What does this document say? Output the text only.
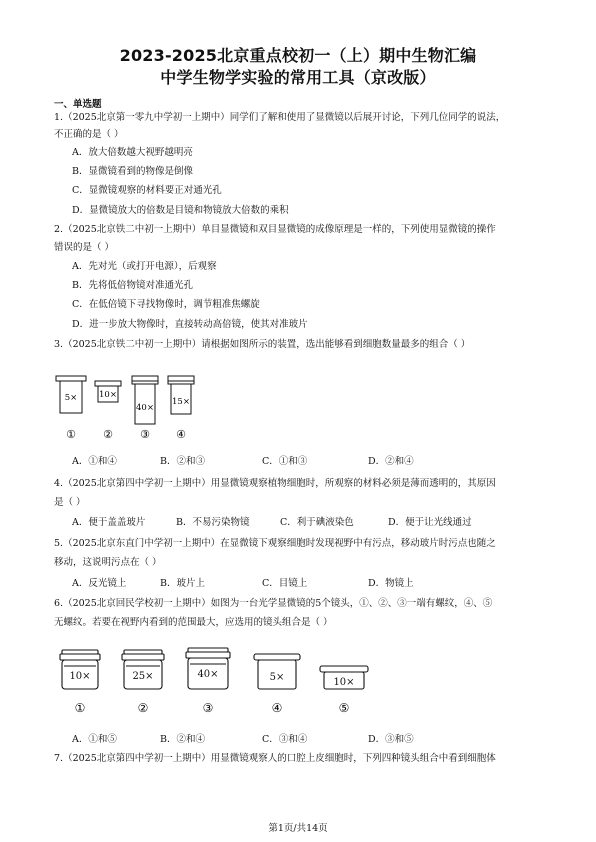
2023-2025北京重点校初一（上）期中生物汇编
中学生物学实验的常用工具（京改版）
一、单选题
1.（2025北京第一零九中学初一上期中）同学们了解和使用了显微镜以后展开讨论，下列几位同学的说法，
不正确的是（ ）
A．放大倍数越大视野越明亮
B．显微镜看到的物像是倒像
C．显微镜观察的材料要正对通光孔
D．显微镜放大的倍数是目镜和物镜放大倍数的乘积
2.（2025北京铁二中初一上期中）单目显微镜和双目显微镜的成像原理是一样的，下列使用显微镜的操作
错误的是（ ）
A．先对光（或打开电源），后观察
B．先将低倍物镜对准通光孔
C．在低倍镜下寻找物像时，调节粗准焦螺旋
D．进一步放大物像时，直接转动高倍镜，使其对准玻片
3.（2025北京铁二中初一上期中）请根据如图所示的装置，选出能够看到细胞数量最多的组合（ ）
5×	10×
40×
15×
① ② ③ ④
A．①和④	B．②和③	C．①和③	D．②和④
4.（2025北京第四中学初一上期中）用显微镜观察植物细胞时，所观察的材料必须是薄而透明的，其原因
是（ ）
A．便于盖盖玻片	B．不易污染物镜	C．利于碘液染色	D．便于让光线通过
5.（2025北京东直门中学初一上期中）在显微镜下观察细胞时发现视野中有污点，移动玻片时污点也随之
移动，这说明污点在（ ）
A．反光镜上	B．玻片上	C．目镜上	D．物镜上
6.（2025北京回民学校初一上期中）如图为一台光学显微镜的5个镜头，①、②、③一端有螺纹，④、⑤
无螺纹。若要在视野内看到的范围最大，应选用的镜头组合是（ ）
10×	25×	40×	5×	10×
①	②	③	④	⑤
A．①和⑤	B．②和④	C．③和④	D．③和⑤
7.（2025北京第四中学初一上期中）用显微镜观察人的口腔上皮细胞时，下列四种镜头组合中看到细胞体
第1页/共14页
